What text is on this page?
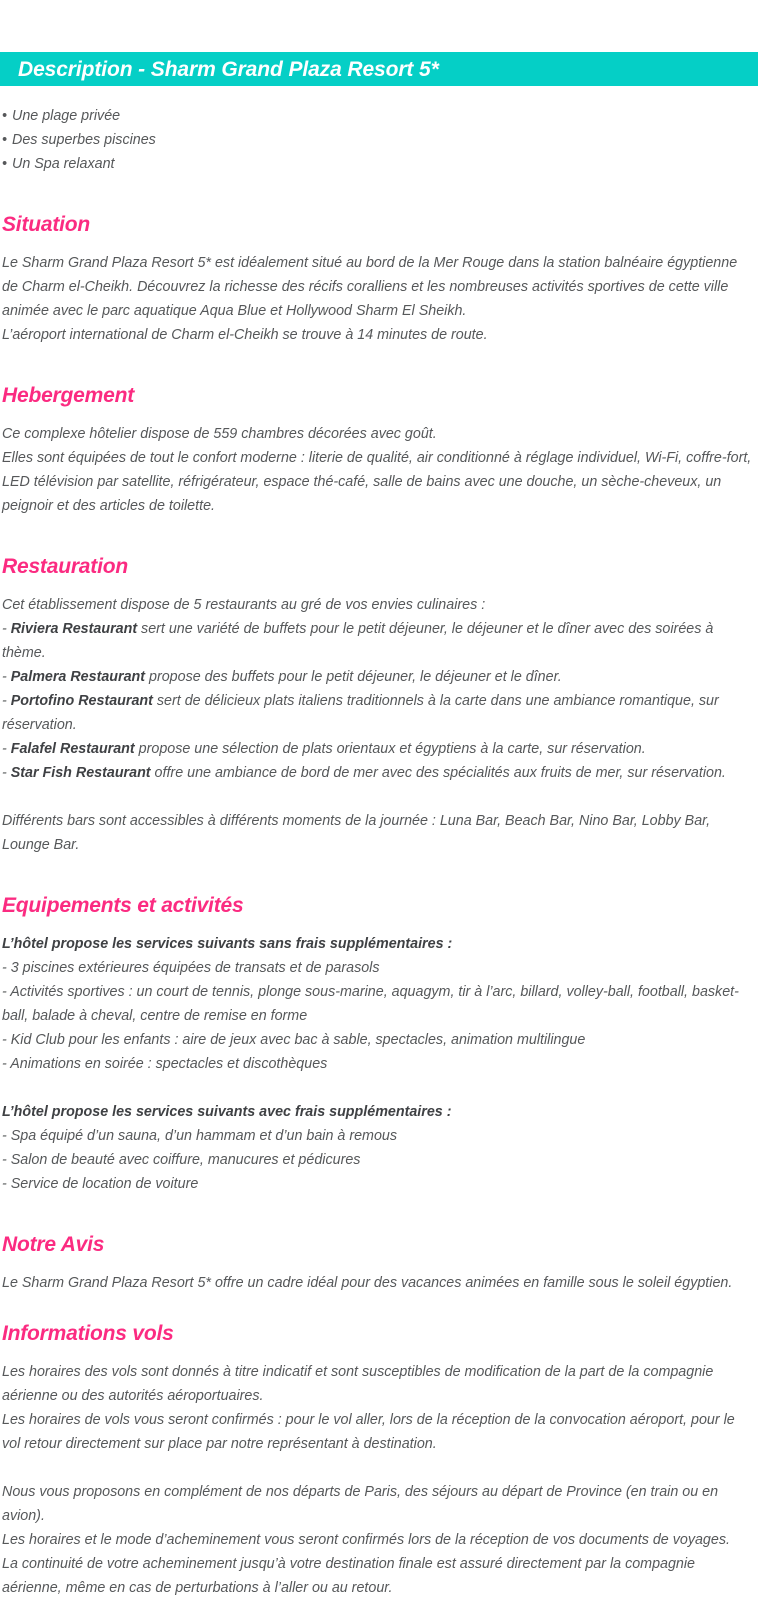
Description - Sharm Grand Plaza Resort 5*
• Une plage privée
• Des superbes piscines
• Un Spa relaxant
Situation

Le Sharm Grand Plaza Resort 5* est idéalement situé au bord de la Mer Rouge dans la station balnéaire égyptienne de Charm el-Cheikh. Découvrez la richesse des récifs coralliens et les nombreuses activités sportives de cette ville animée avec le parc aquatique Aqua Blue et Hollywood Sharm El Sheikh.

L’aéroport international de Charm el-Cheikh se trouve à 14 minutes de route.

Hebergement

Ce complexe hôtelier dispose de 559 chambres décorées avec goût.

Elles sont équipées de tout le confort moderne : literie de qualité, air conditionné à réglage individuel, Wi-Fi, coffre-fort, LED télévision par satellite, réfrigérateur, espace thé-café, salle de bains avec une douche, un sèche-cheveux, un peignoir et des articles de toilette.

Restauration

Cet établissement dispose de 5 restaurants au gré de vos envies culinaires :

- Riviera Restaurant sert une variété de buffets pour le petit déjeuner, le déjeuner et le dîner avec des soirées à thème.

- Palmera Restaurant propose des buffets pour le petit déjeuner, le déjeuner et le dîner.

- Portofino Restaurant sert de délicieux plats italiens traditionnels à la carte dans une ambiance romantique, sur réservation.

- Falafel Restaurant propose une sélection de plats orientaux et égyptiens à la carte, sur réservation.

- Star Fish Restaurant offre une ambiance de bord de mer avec des spécialités aux fruits de mer, sur réservation.

Différents bars sont accessibles à différents moments de la journée : Luna Bar, Beach Bar, Nino Bar, Lobby Bar, Lounge Bar.

Equipements et activités

L’hôtel propose les services suivants sans frais supplémentaires :

- 3 piscines extérieures équipées de transats et de parasols

- Activités sportives : un court de tennis, plonge sous-marine, aquagym, tir à l’arc, billard, volley-ball, football, basket-ball, balade à cheval, centre de remise en forme

- Kid Club pour les enfants : aire de jeux avec bac à sable, spectacles, animation multilingue

- Animations en soirée : spectacles et discothèques

L’hôtel propose les services suivants avec frais supplémentaires :

- Spa équipé d’un sauna, d’un hammam et d’un bain à remous

- Salon de beauté avec coiffure, manucures et pédicures

- Service de location de voiture

Notre Avis

Le Sharm Grand Plaza Resort 5* offre un cadre idéal pour des vacances animées en famille sous le soleil égyptien.

Informations vols

Les horaires des vols sont donnés à titre indicatif et sont susceptibles de modification de la part de la compagnie aérienne ou des autorités aéroportuaires.

Les horaires de vols vous seront confirmés : pour le vol aller, lors de la réception de la convocation aéroport, pour le vol retour directement sur place par notre représentant à destination.

Nous vous proposons en complément de nos départs de Paris, des séjours au départ de Province (en train ou en avion).

Les horaires et le mode d’acheminement vous seront confirmés lors de la réception de vos documents de voyages.

La continuité de votre acheminement jusqu’à votre destination finale est assuré directement par la compagnie aérienne, même en cas de perturbations à l’aller ou au retour.
